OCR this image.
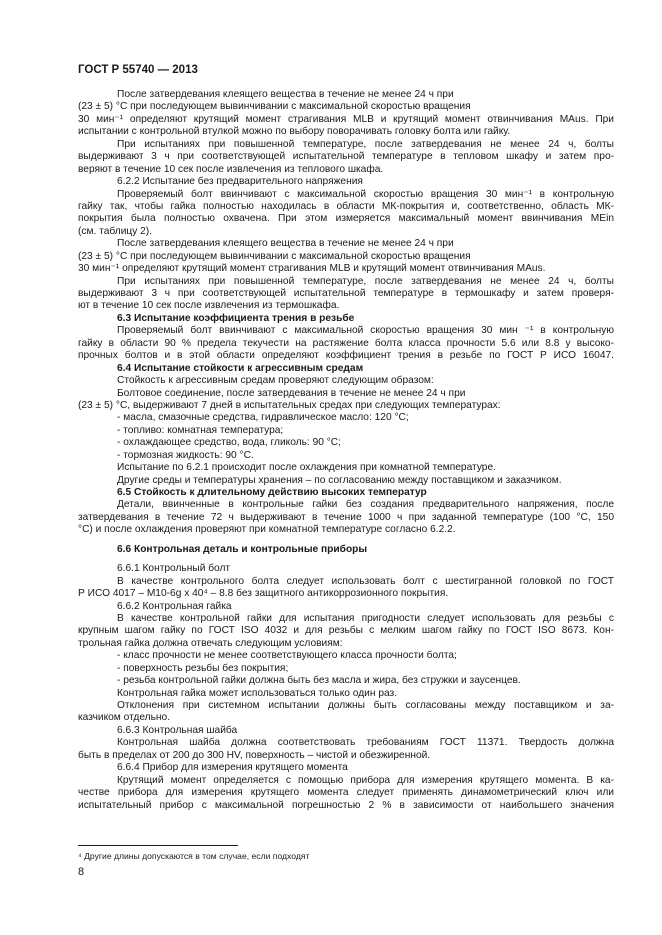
ГОСТ Р 55740 — 2013
После затвердевания клеящего вещества в течение не менее 24 ч при
(23 ± 5) °С при последующем вывинчивании с максимальной скоростью вращения
30 мин⁻¹ определяют крутящий момент страгивания MLB и крутящий момент отвинчивания MAus. При
испытании с контрольной втулкой можно по выбору поворачивать головку болта или гайку.
При испытаниях при повышенной температуре, после затвердевания не менее 24 ч, болты
выдерживают 3 ч при соответствующей испытательной температуре в тепловом шкафу и затем про-
веряют в течение 10 сек после извлечения из теплового шкафа.
6.2.2 Испытание без предварительного напряжения
Проверяемый болт ввинчивают с максимальной скоростью вращения 30 мин⁻¹ в контрольную
гайку так, чтобы гайка полностью находилась в области МК-покрытия и, соответственно, область МК-
покрытия была полностью охвачена. При этом измеряется максимальный момент ввинчивания MEin
(см. таблицу 2).
После затвердевания клеящего вещества в течение не менее 24 ч при
(23 ± 5) °С при последующем вывинчивании с максимальной скоростью вращения
30 мин⁻¹ определяют крутящий момент страгивания MLB и крутящий момент отвинчивания MAus.
При испытаниях при повышенной температуре, после затвердевания не менее 24 ч, болты
выдерживают 3 ч при соответствующей испытательной температуре в термошкафу и затем проверя-
ют в течение 10 сек после извлечения из термошкафа.
6.3 Испытание коэффициента трения в резьбе
Проверяемый болт ввинчивают с максимальной скоростью вращения 30 мин ⁻¹ в контрольную
гайку в области 90 % предела текучести на растяжение болта класса прочности 5.6 или 8.8 у высоко-
прочных болтов и в этой области определяют коэффициент трения в резьбе по ГОСТ Р ИСО 16047.
6.4 Испытание стойкости к агрессивным средам
Стойкость к агрессивным средам проверяют следующим образом:
Болтовое соединение, после затвердевания в течение не менее 24 ч при
(23 ± 5) °С, выдерживают 7 дней в испытательных средах при следующих температурах:
- масла, смазочные средства, гидравлическое масло: 120 °С;
- топливо: комнатная температура;
- охлаждающее средство, вода, гликоль: 90 °С;
- тормозная жидкость: 90 °С.
Испытание по 6.2.1 происходит после охлаждения при комнатной температуре.
Другие среды и температуры хранения – по согласованию между поставщиком и заказчиком.
6.5 Стойкость к длительному действию высоких температур
Детали, ввинченные в контрольные гайки без создания предварительного напряжения, после
затвердевания в течение 72 ч выдерживают в течение 1000 ч при заданной температуре (100 °С, 150
°С) и после охлаждения проверяют при комнатной температуре согласно 6.2.2.
6.6 Контрольная деталь и контрольные приборы
6.6.1 Контрольный болт
В качестве контрольного болта следует использовать болт с шестигранной головкой по ГОСТ
Р ИСО 4017 – М10-6g x 40⁴ – 8.8 без защитного антикоррозионного покрытия.
6.6.2 Контрольная гайка
В качестве контрольной гайки для испытания пригодности следует использовать для резьбы с
крупным шагом гайку по ГОСТ ISO 4032 и для резьбы с мелким шагом гайку по ГОСТ ISO 8673. Кон-
трольная гайка должна отвечать следующим условиям:
- класс прочности не менее соответствующего класса прочности болта;
- поверхность резьбы без покрытия;
- резьба контрольной гайки должна быть без масла и жира, без стружки и заусенцев.
Контрольная гайка может использоваться только один раз.
Отклонения при системном испытании должны быть согласованы между поставщиком и за-
казчиком отдельно.
6.6.3 Контрольная шайба
Контрольная шайба должна соответствовать требованиям ГОСТ 11371. Твердость должна
быть в пределах от 200 до 300 HV, поверхность – чистой и обезжиренной.
6.6.4 Прибор для измерения крутящего момента
Крутящий момент определяется с помощью прибора для измерения крутящего момента. В ка-
честве прибора для измерения крутящего момента следует применять динамометрический ключ или
испытательный прибор с максимальной погрешностью 2 % в зависимости от наибольшего значения
⁴ Другие длины допускаются в том случае, если подходят
8
